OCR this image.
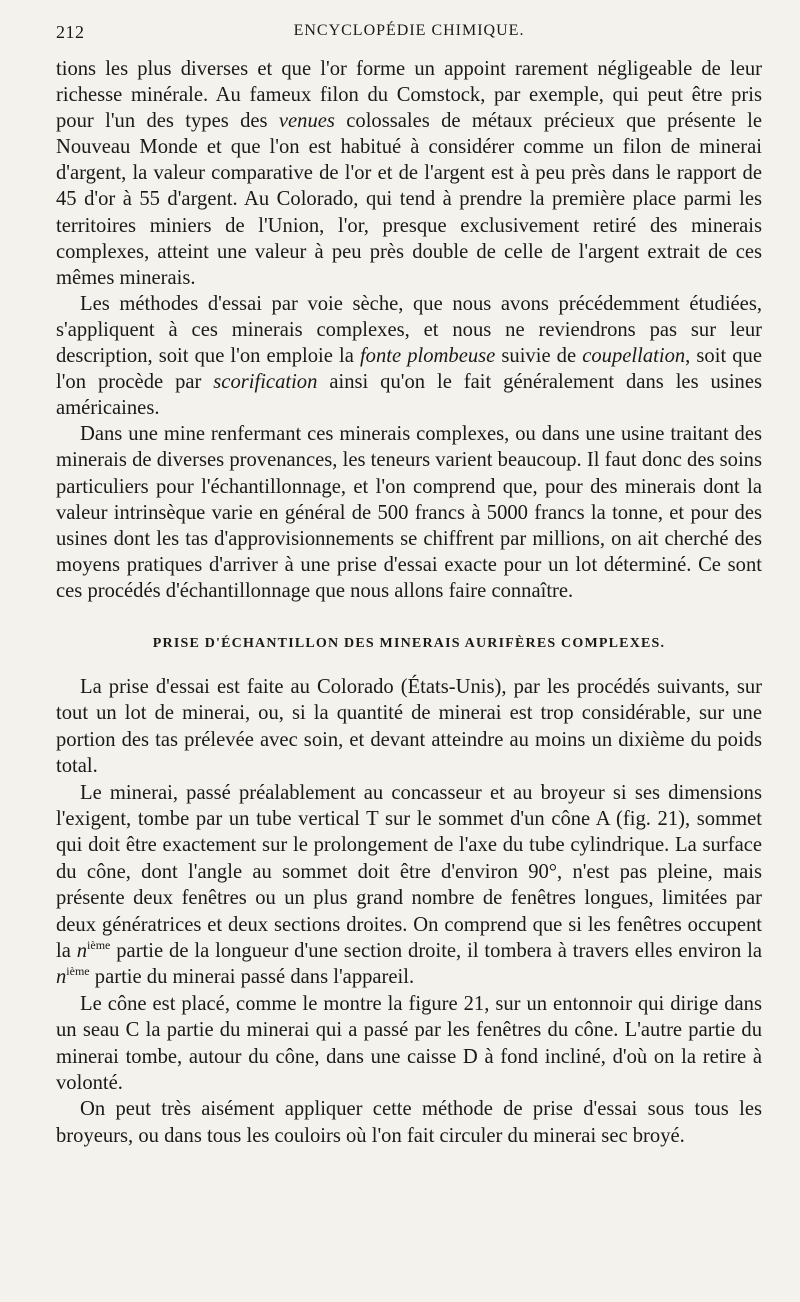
212	ENCYCLOPÉDIE CHIMIQUE.

tions les plus diverses et que l'or forme un appoint rarement négligeable de leur richesse minérale. Au fameux filon du Comstock, par exemple, qui peut être pris pour l'un des types des venues colossales de métaux précieux que présente le Nouveau Monde et que l'on est habitué à considérer comme un filon de minerai d'argent, la valeur comparative de l'or et de l'argent est à peu près dans le rapport de 45 d'or à 55 d'argent. Au Colorado, qui tend à prendre la première place parmi les territoires miniers de l'Union, l'or, presque exclusivement retiré des minerais complexes, atteint une valeur à peu près double de celle de l'argent extrait de ces mêmes minerais.

Les méthodes d'essai par voie sèche, que nous avons précédemment étudiées, s'appliquent à ces minerais complexes, et nous ne reviendrons pas sur leur description, soit que l'on emploie la fonte plombeuse suivie de coupellation, soit que l'on procède par scorification ainsi qu'on le fait généralement dans les usines américaines.

Dans une mine renfermant ces minerais complexes, ou dans une usine traitant des minerais de diverses provenances, les teneurs varient beaucoup. Il faut donc des soins particuliers pour l'échantillonnage, et l'on comprend que, pour des minerais dont la valeur intrinsèque varie en général de 500 francs à 5000 francs la tonne, et pour des usines dont les tas d'approvisionnements se chiffrent par millions, on ait cherché des moyens pratiques d'arriver à une prise d'essai exacte pour un lot déterminé. Ce sont ces procédés d'échantillonnage que nous allons faire connaître.

PRISE D'ÉCHANTILLON DES MINERAIS AURIFÈRES COMPLEXES.

La prise d'essai est faite au Colorado (États-Unis), par les procédés suivants, sur tout un lot de minerai, ou, si la quantité de minerai est trop considérable, sur une portion des tas prélevée avec soin, et devant atteindre au moins un dixième du poids total.

Le minerai, passé préalablement au concasseur et au broyeur si ses dimensions l'exigent, tombe par un tube vertical T sur le sommet d'un cône A (fig. 21), sommet qui doit être exactement sur le prolongement de l'axe du tube cylindrique. La surface du cône, dont l'angle au sommet doit être d'environ 90°, n'est pas pleine, mais présente deux fenêtres ou un plus grand nombre de fenêtres longues, limitées par deux génératrices et deux sections droites. On comprend que si les fenêtres occupent la $n^{ième}$ partie de la longueur d'une section droite, il tombera à travers elles environ la $n^{ième}$ partie du minerai passé dans l'appareil.

Le cône est placé, comme le montre la figure 21, sur un entonnoir qui dirige dans un seau C la partie du minerai qui a passé par les fenêtres du cône. L'autre partie du minerai tombe, autour du cône, dans une caisse D à fond incliné, d'où on la retire à volonté.

On peut très aisément appliquer cette méthode de prise d'essai sous tous les broyeurs, ou dans tous les couloirs où l'on fait circuler du minerai sec broyé.
